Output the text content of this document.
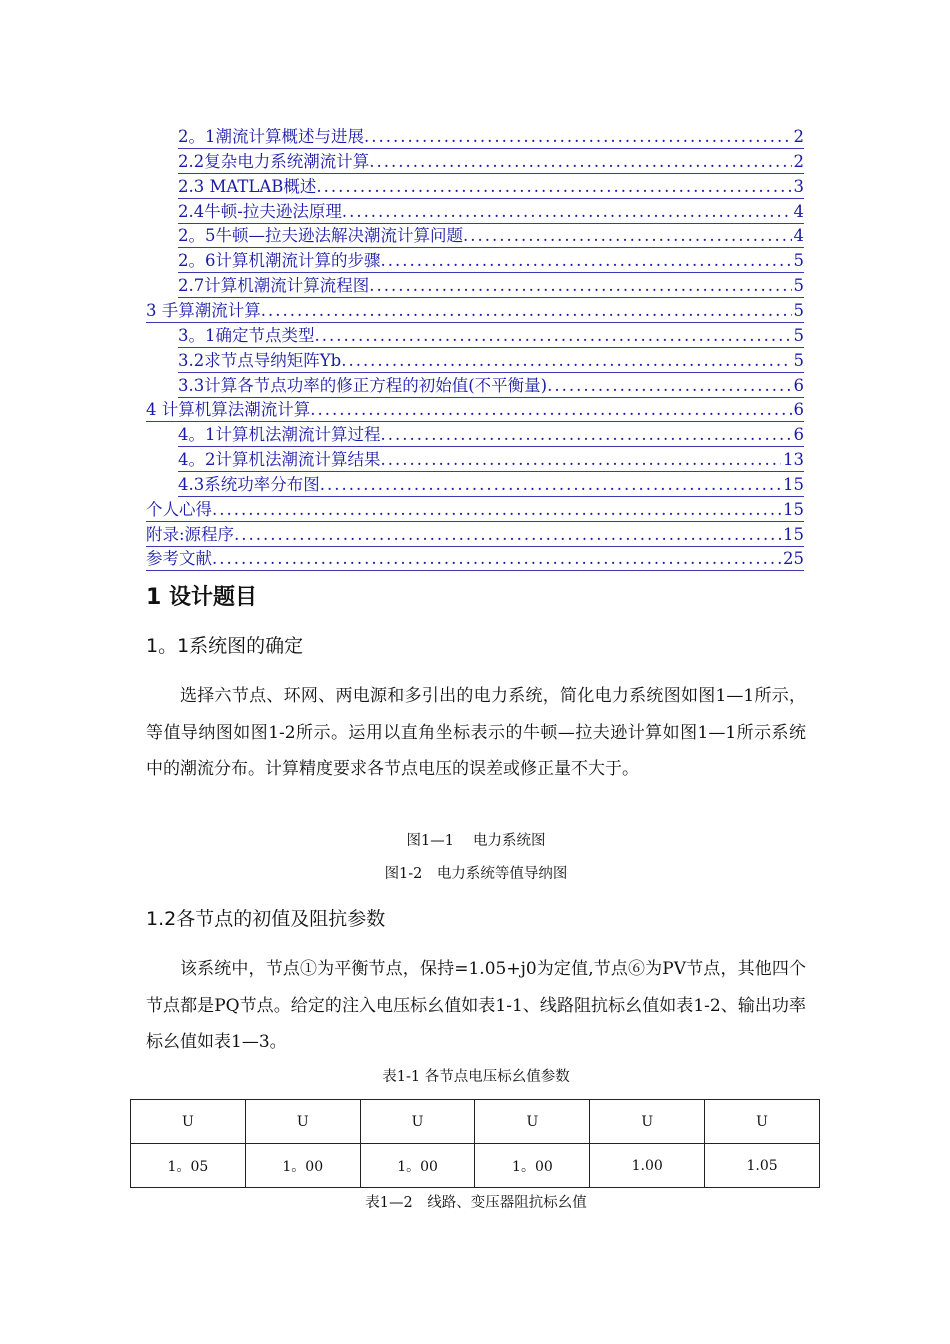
2。1潮流计算概述与进展 .....	2
2.2复杂电力系统潮流计算 .....	2
2.3 MATLAB概述 .....	3
2.4牛顿-拉夫逊法原理 .....	4
2。5牛顿—拉夫逊法解决潮流计算问题 .....	4
2。6计算机潮流计算的步骤 .....	5
2.7计算机潮流计算流程图 .....	5
3 手算潮流计算 .....	5
3。1确定节点类型 .....	5
3.2求节点导纳矩阵Yb .....	5
3.3计算各节点功率的修正方程的初始值(不平衡量) .....	6
4 计算机算法潮流计算 .....	6
4。1计算机法潮流计算过程 .....	6
4。2计算机法潮流计算结果 .....	13
4.3系统功率分布图 .....	15
个人心得 .....	15
附录:源程序 .....	15
参考文献 .....	25
1 设计题目
1。1系统图的确定

选择六节点、环网、两电源和多引出的电力系统，简化电力系统图如图1—1所示，等值导纳图如图1-2所示。运用以直角坐标表示的牛顿—拉夫逊计算如图1—1所示系统中的潮流分布。计算精度要求各节点电压的误差或修正量不大于。

图1—1　 电力系统图
图1-2　电力系统等值导纳图
1.2各节点的初值及阻抗参数

该系统中，节点①为平衡节点，保持=1.05+j0为定值,节点⑥为PV节点，其他四个节点都是PQ节点。给定的注入电压标幺值如表1-1、线路阻抗标幺值如表1-2、输出功率标幺值如表1—3。

表1-1 各节点电压标幺值参数
U	U	U	U	U	U
1。05	1。00	1。00	1。00	1.00	1.05
表1—2　线路、变压器阻抗标幺值
